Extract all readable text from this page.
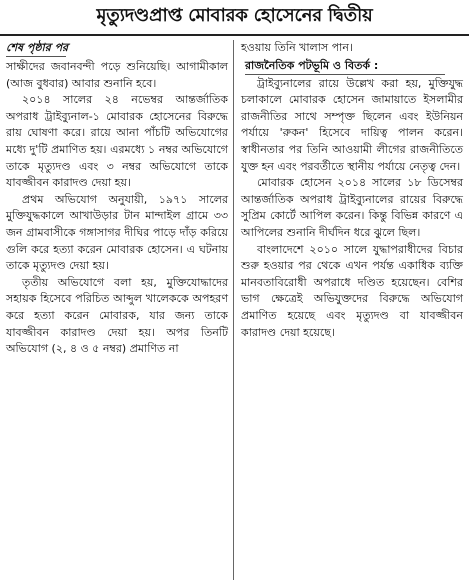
মৃত্যুদণ্ডপ্রাপ্ত মোবারক হোসেনের দ্বিতীয়
শেষ পৃষ্ঠার পর

সাক্ষীদের জবানবন্দী পড়ে শুনিয়েছি। আগামীকাল (আজ বুধবার) আবার শুনানি হবে।

২০১৪ সালের ২৪ নভেম্বর আন্তর্জাতিক অপরাধ ট্রাইব্যুনাল-১ মোবারক হোসেনের বিরুদ্ধে রায় ঘোষণা করে। রায়ে আনা পাঁচটি অভিযোগের মধ্যে দু'টি প্রমাণিত হয়। এরমধ্যে ১ নম্বর অভিযোগে তাকে মৃত্যুদণ্ড এবং ৩ নম্বর অভিযোগে তাকে যাবজ্জীবন কারাদণ্ড দেয়া হয়।

প্রথম অভিযোগ অনুযায়ী, ১৯৭১ সালের মুক্তিযুদ্ধকালে আখাউড়ার টান মান্দাইল গ্রামে ৩৩ জন গ্রামবাসীকে গঙ্গাসাগর দীঘির পাড়ে দাঁড় করিয়ে গুলি করে হত্যা করেন মোবারক হোসেন। এ ঘটনায় তাকে মৃত্যুদণ্ড দেয়া হয়।

তৃতীয় অভিযোগে বলা হয়, মুক্তিযোদ্ধাদের সহায়ক হিসেবে পরিচিত আব্দুল খালেককে অপহরণ করে হত্যা করেন মোবারক, যার জন্য তাকে যাবজ্জীবন কারাদণ্ড দেয়া হয়। অপর তিনটি অভিযোগ (২, ৪ ও ৫ নম্বর) প্রমাণিত না

হওয়ায় তিনি খালাস পান।

রাজনৈতিক পটভূমি ও বিতর্ক :

ট্রাইব্যুনালের রায়ে উল্লেখ করা হয়, মুক্তিযুদ্ধ চলাকালে মোবারক হোসেন জামায়াতে ইসলামীর রাজনীতির সাথে সম্পৃক্ত ছিলেন এবং ইউনিয়ন পর্যায়ে 'রুকন' হিসেবে দায়িত্ব পালন করেন। স্বাধীনতার পর তিনি আওয়ামী লীগের রাজনীতিতে যুক্ত হন এবং পরবর্তীতে স্থানীয় পর্যায়ে নেতৃত্ব দেন।

মোবারক হোসেন ২০১৪ সালের ১৮ ডিসেম্বর আন্তর্জাতিক অপরাধ ট্রাইব্যুনালের রায়ের বিরুদ্ধে সুপ্রিম কোর্টে আপিল করেন। কিন্তু বিভিন্ন কারণে এ আপিলের শুনানি দীর্ঘদিন ধরে ঝুলে ছিল।

বাংলাদেশে ২০১০ সালে যুদ্ধাপরাধীদের বিচার শুরু হওয়ার পর থেকে এখন পর্যন্ত একাধিক ব্যক্তি মানবতাবিরোধী অপরাধে দণ্ডিত হয়েছেন। বেশির ভাগ ক্ষেত্রেই অভিযুক্তদের বিরুদ্ধে অভিযোগ প্রমাণিত হয়েছে এবং মৃত্যুদণ্ড বা যাবজ্জীবন কারাদণ্ড দেয়া হয়েছে।
